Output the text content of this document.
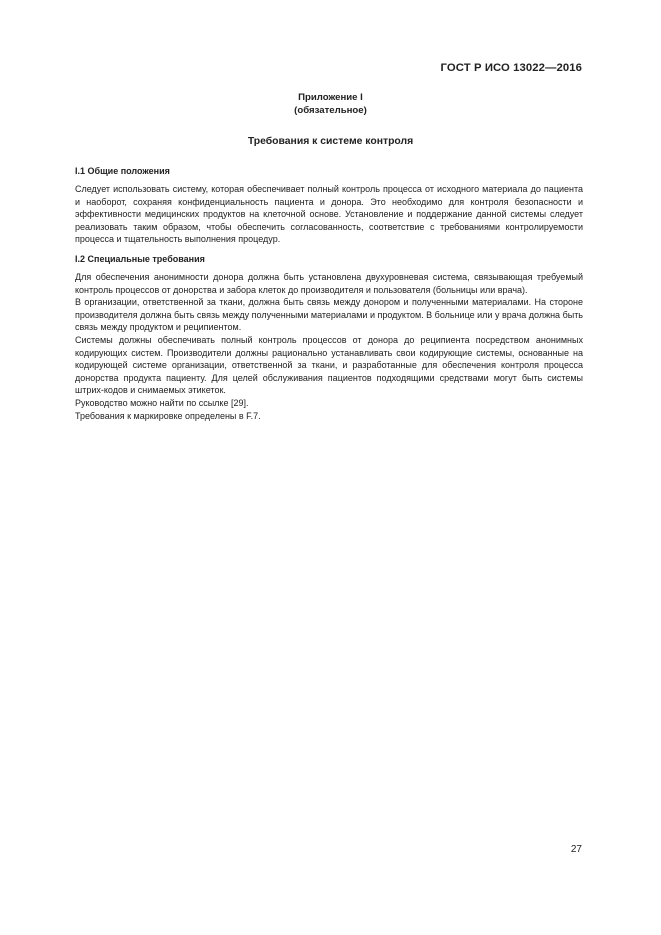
ГОСТ Р ИСО 13022—2016
Приложение I
(обязательное)
Требования к системе контроля
I.1 Общие положения

Следует использовать систему, которая обеспечивает полный контроль процесса от исходного материала до пациента и наоборот, сохраняя конфиденциальность пациента и донора. Это необходимо для контроля безопасности и эффективности медицинских продуктов на клеточной основе. Установление и поддержание данной системы следует реализовать таким образом, чтобы обеспечить согласованность, соответствие с требованиями контролируемости процесса и тщательность выполнения процедур.

I.2 Специальные требования

Для обеспечения анонимности донора должна быть установлена двухуровневая система, связывающая требуемый контроль процессов от донорства и забора клеток до производителя и пользователя (больницы или врача).

В организации, ответственной за ткани, должна быть связь между донором и полученными материалами. На стороне производителя должна быть связь между полученными материалами и продуктом. В больнице или у врача должна быть связь между продуктом и реципиентом.

Системы должны обеспечивать полный контроль процессов от донора до реципиента посредством анонимных кодирующих систем. Производители должны рационально устанавливать свои кодирующие системы, основанные на кодирующей системе организации, ответственной за ткани, и разработанные для обеспечения контроля процесса донорства продукта пациенту. Для целей обслуживания пациентов подходящими средствами могут быть системы штрих-кодов и снимаемых этикеток.

Руководство можно найти по ссылке [29].

Требования к маркировке определены в F.7.

27
